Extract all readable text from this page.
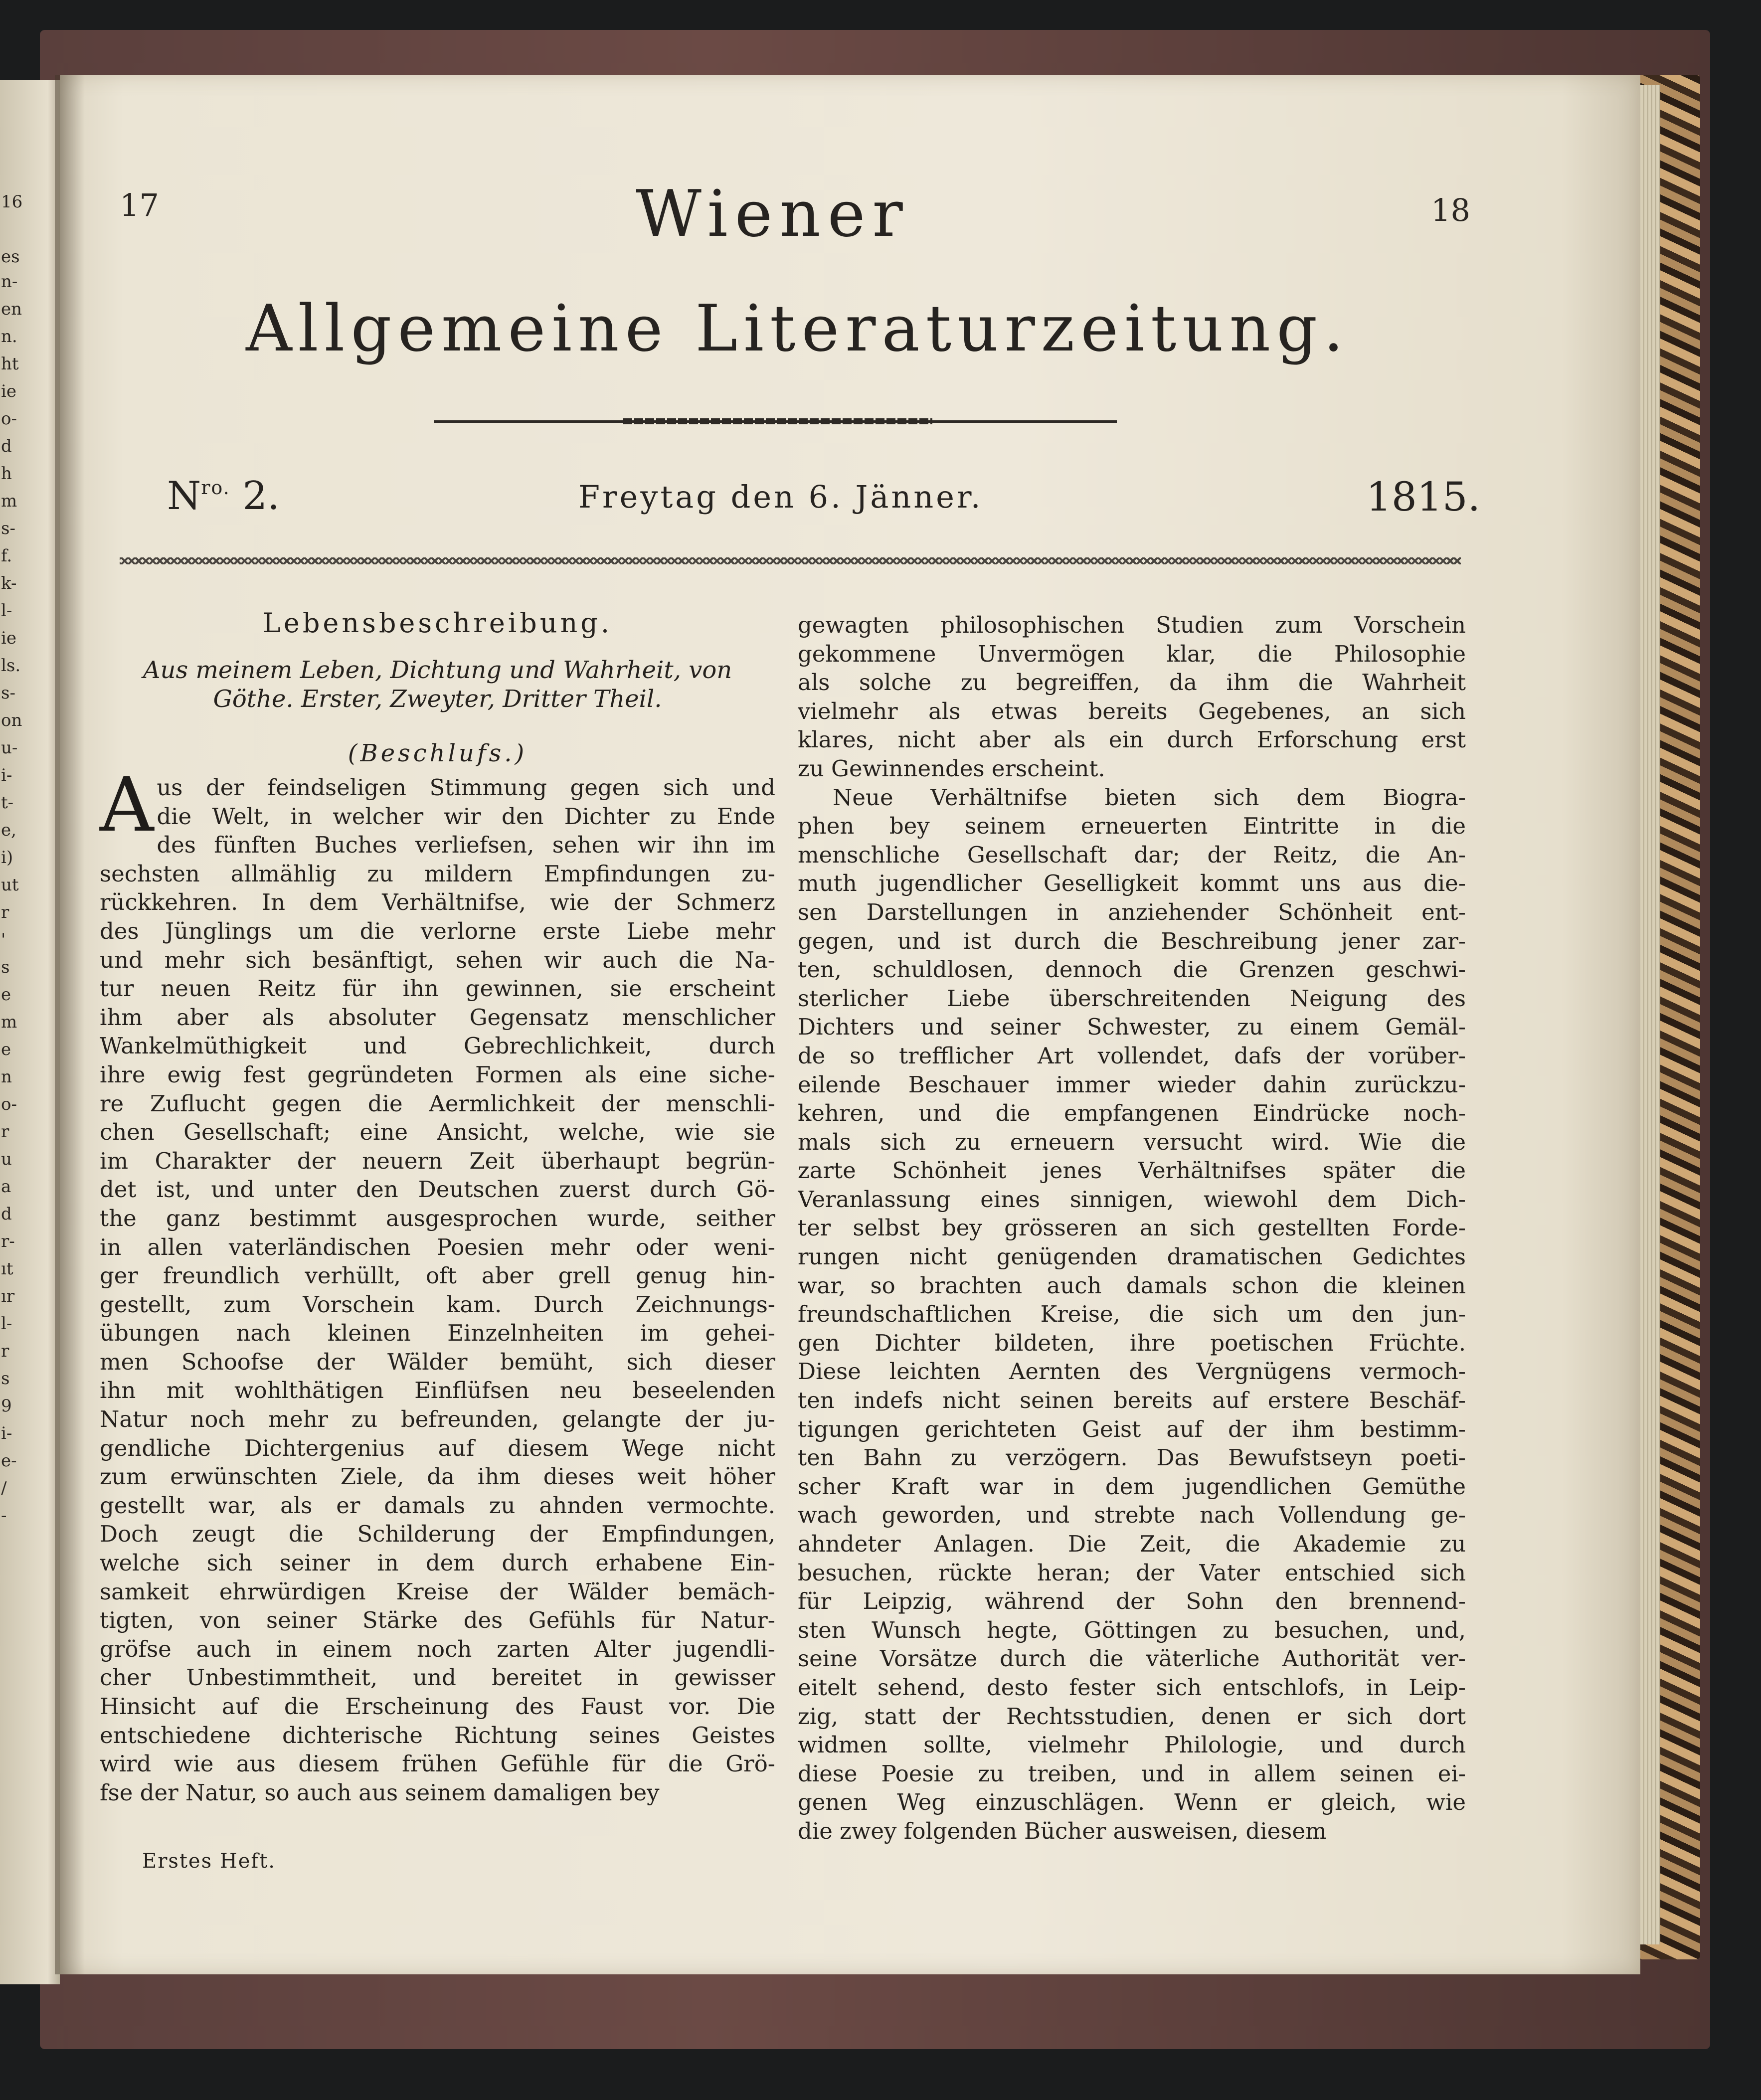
16
es
n-
en
n.
ht
ie
o-
d
h
m
s-
f.
k-
l-
ie
ls.
s-
on
u-
i-
t-
e,
i)
ut
r
'
s
e
m
e
n
o-
r
u
a
d
r-
ıt
ır
l-
r
s
9
i-
e-
/
-
17	18
Wiener
Allgemeine Literaturzeitung.
$N^{ro.}$ 2.	Freytag den 6. Jänner.	1815.
Lebensbeschreibung.
Aus meinem Leben, Dichtung und Wahrheit, von
Göthe. Erster, Zweyter, Dritter Theil.
(Beschlufs.)
A us der feindseligen Stimmung gegen sich und
die Welt, in welcher wir den Dichter zu Ende
des fünften Buches verliefsen, sehen wir ihn im
sechsten allmählig zu mildern Empfindungen zu-
rückkehren. In dem Verhältnifse, wie der Schmerz
des Jünglings um die verlorne erste Liebe mehr
und mehr sich besänftigt, sehen wir auch die Na-
tur neuen Reitz für ihn gewinnen, sie erscheint
ihm aber als absoluter Gegensatz menschlicher
Wankelmüthigkeit und Gebrechlichkeit, durch
ihre ewig fest gegründeten Formen als eine siche-
re Zuflucht gegen die Aermlichkeit der menschli-
chen Gesellschaft; eine Ansicht, welche, wie sie
im Charakter der neuern Zeit überhaupt begrün-
det ist, und unter den Deutschen zuerst durch Gö-
the ganz bestimmt ausgesprochen wurde, seither
in allen vaterländischen Poesien mehr oder weni-
ger freundlich verhüllt, oft aber grell genug hin-
gestellt, zum Vorschein kam. Durch Zeichnungs-
übungen nach kleinen Einzelnheiten im gehei-
men Schoofse der Wälder bemüht, sich dieser
ihn mit wohlthätigen Einflüfsen neu beseelenden
Natur noch mehr zu befreunden, gelangte der ju-
gendliche Dichtergenius auf diesem Wege nicht
zum erwünschten Ziele, da ihm dieses weit höher
gestellt war, als er damals zu ahnden vermochte.
Doch zeugt die Schilderung der Empfindungen,
welche sich seiner in dem durch erhabene Ein-
samkeit ehrwürdigen Kreise der Wälder bemäch-
tigten, von seiner Stärke des Gefühls für Natur-
gröfse auch in einem noch zarten Alter jugendli-
cher Unbestimmtheit, und bereitet in gewisser
Hinsicht auf die Erscheinung des Faust vor. Die
entschiedene dichterische Richtung seines Geistes
wird wie aus diesem frühen Gefühle für die Grö-
fse der Natur, so auch aus seinem damaligen bey
gewagten philosophischen Studien zum Vorschein
gekommene Unvermögen klar, die Philosophie
als solche zu begreiffen, da ihm die Wahrheit
vielmehr als etwas bereits Gegebenes, an sich
klares, nicht aber als ein durch Erforschung erst
zu Gewinnendes erscheint.
Neue Verhältnifse bieten sich dem Biogra-
phen bey seinem erneuerten Eintritte in die
menschliche Gesellschaft dar; der Reitz, die An-
muth jugendlicher Geselligkeit kommt uns aus die-
sen Darstellungen in anziehender Schönheit ent-
gegen, und ist durch die Beschreibung jener zar-
ten, schuldlosen, dennoch die Grenzen geschwi-
sterlicher Liebe überschreitenden Neigung des
Dichters und seiner Schwester, zu einem Gemäl-
de so trefflicher Art vollendet, dafs der vorüber-
eilende Beschauer immer wieder dahin zurückzu-
kehren, und die empfangenen Eindrücke noch-
mals sich zu erneuern versucht wird. Wie die
zarte Schönheit jenes Verhältnifses später die
Veranlassung eines sinnigen, wiewohl dem Dich-
ter selbst bey grösseren an sich gestellten Forde-
rungen nicht genügenden dramatischen Gedichtes
war, so brachten auch damals schon die kleinen
freundschaftlichen Kreise, die sich um den jun-
gen Dichter bildeten, ihre poetischen Früchte.
Diese leichten Aernten des Vergnügens vermoch-
ten indefs nicht seinen bereits auf erstere Beschäf-
tigungen gerichteten Geist auf der ihm bestimm-
ten Bahn zu verzögern. Das Bewufstseyn poeti-
scher Kraft war in dem jugendlichen Gemüthe
wach geworden, und strebte nach Vollendung ge-
ahndeter Anlagen. Die Zeit, die Akademie zu
besuchen, rückte heran; der Vater entschied sich
für Leipzig, während der Sohn den brennend-
sten Wunsch hegte, Göttingen zu besuchen, und,
seine Vorsätze durch die väterliche Authorität ver-
eitelt sehend, desto fester sich entschlofs, in Leip-
zig, statt der Rechtsstudien, denen er sich dort
widmen sollte, vielmehr Philologie, und durch
diese Poesie zu treiben, und in allem seinen ei-
genen Weg einzuschlägen. Wenn er gleich, wie
die zwey folgenden Bücher ausweisen, diesem
Erstes Heft.
